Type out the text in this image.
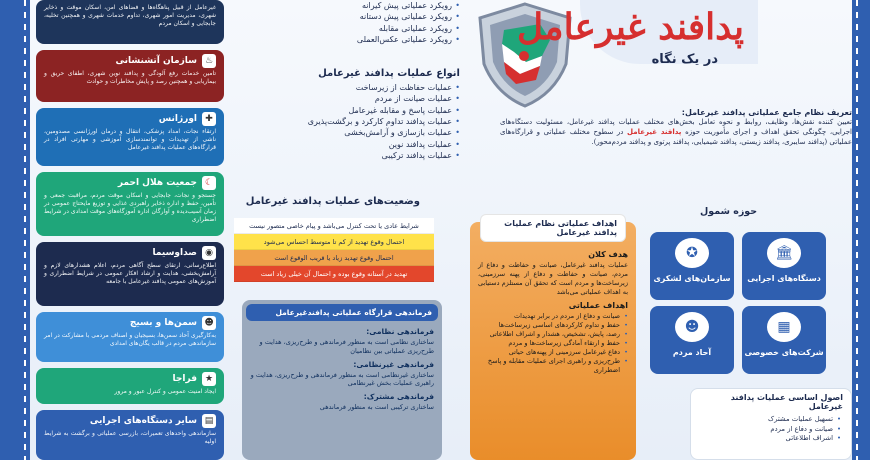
غیرعامل از قبیل پناهگاه‌ها و فضاهای امن، اسکان موقت و ذخایر شهری، مدیریت امور شهری، تداوم خدمات شهری و همچنین تخلیه، جابجایی و اسکان مردم
♨
سازمان آتشنشانی
تامین خدمات رفع آلودگی و پدافند نوین شهری، اطفای حریق و بیماریابی و همچنین رصد و پایش مخاطرات و حوادث
✚
اورژانس
ارتقاء نجات، امداد پزشکی، انتقال و درمان اورژانسی مصدومین، ناشی از تهدیدات و توانمندسازی آموزشی و مهارتی افراد در قرارگاه‌های عملیات پدافند غیرعامل
☾
جمعیت هلال احمر
جستجو و نجات، جابجایی و اسکان موقت مردم، مراقبت جمعی و تأمین، حفظ و اداره ذخایر راهبردی غذایی و توزیع مایحتاج عمومی در زمان آسیب‌دیده و آوارگان اداره آموزگاه‌های موقت امدادی در شرایط اضطراری
◉
صداوسیما
اطلاع‌رسانی، ارتقای سطح آگاهی مردم، اعلام هشدارهای لازم و آرامش‌بخشی، هدایت و ارشاد افکار عمومی در شرایط اضطراری و آموزش‌های عمومی پدافند غیرعامل با جامعه
☻
سمن‌ها و بسیج
به‌کارگیری آحاد سمن‌ها، بسیجیان و اصناف مردمی با مشارکت در امر سازماندهی مردم در قالب یگان‌های امدادی
★
فراجا
ایجاد امنیت عمومی و کنترل عبور و مرور
▤
سایر دستگاه‌های اجرایی
سازماندهی واحدهای تعمیرات، بازرسی عملیاتی و برگشت به شرایط اولیه
• رویکرد عملیاتی پیش کیرانه
• رویکرد عملیاتی پیش دستانه
• رویکرد عملیاتی مقابله
• رویکرد عملیاتی عکس‌العملی
انواع عملیات پدافند غیرعامل
• عملیات حفاظت از زیرساخت
• عملیات صیانت از مردم
• عملیات پاسخ و مقابله غیرعامل
• عملیات پدافند تداوم کارکرد و برگشت‌پذیری
• عملیات بازسازی و آرامش‌بخشی
• عملیات پدافند نوین
• عملیات پدافند ترکیبی
وضعیت‌های عملیات پدافند غیرعامل
شرایط عادی یا تحت کنترل می‌باشد و پیام خاصی متصور نیست
احتمال وقوع تهدید از کم تا متوسط احساس می‌شود
احتمال وقوع تهدید زیاد یا قریب الوقوع است
تهدید در آستانه وقوع بوده و احتمال آن خیلی زیاد است
فرماندهی قرارگاه عملیاتی پدافندغیرعامل
فرماندهی نظامی:
ساختاری نظامی است به منظور فرماندهی و طرح‌ریزی، هدایت و طرح‌ریزی عملیاتی بین نظامیان
فرماندهی غیرنظامی:
ساختاری غیرنظامی است به منظور فرماندهی و طرح‌ریزی، هدایت و راهبری عملیات بخش غیرنظامی
فرماندهی مشترک:
ساختاری ترکیبی است به منظور فرماندهی
پدافند غیرعامل
در یک نگاه
تعریف نظام جامع عملیاتی پدافند غیرعامل:
تعیین کننده نقش‌ها، وظایف، روابط و نحوه تعامل بخش‌های مختلف عملیات پدافند غیرعامل، مسئولیت دستگاه‌های اجرایی، چگونگی تحقق اهداف و اجرای مأموریت حوزه پدافند غیرعامل در سطوح مختلف عملیاتی و قرارگاه‌های عملیاتی (پدافند سایبری، پدافند زیستی، پدافند شیمیایی، پدافند پرتوی و پدافند مردم‌محور).
اهداف عملیاتی نظام عملیات پدافند غیرعامل
هدف کلان
عملیات پدافند غیرعامل، صیانت و حفاظت و دفاع از مردم، صیانت و حفاظت و دفاع از پهنه سرزمینی، زیرساخت‌ها و مردم است که تحقق آن مستلزم دستیابی به اهداف عملیاتی می‌باشد
اهداف عملیاتی
• صیانت و دفاع از مردم در برابر تهدیدات
• حفظ و تداوم کارکردهای اساسی زیرساخت‌ها
• رصد، پایش، تشخیص، هشدار و اشراف اطلاعاتی
• حفظ و ارتقاء آمادگی زیرساخت‌ها و مردم
• دفاع غیرعامل سرزمینی از پهنه‌های حیاتی
• طرح‌ریزی و راهبری اجرای عملیات مقابله و پاسخ اضطراری
حوزه شمول
🏛
دستگاه‌های اجرایی
✪
سازمان‌های لشکری
▦
شرکت‌های خصوصی
☻
آحاد مردم
اصول اساسی عملیات پدافند غیرعامل
• تسهیل عملیات مشترک
• صیانت و دفاع از مردم
• اشراف اطلاعاتی
